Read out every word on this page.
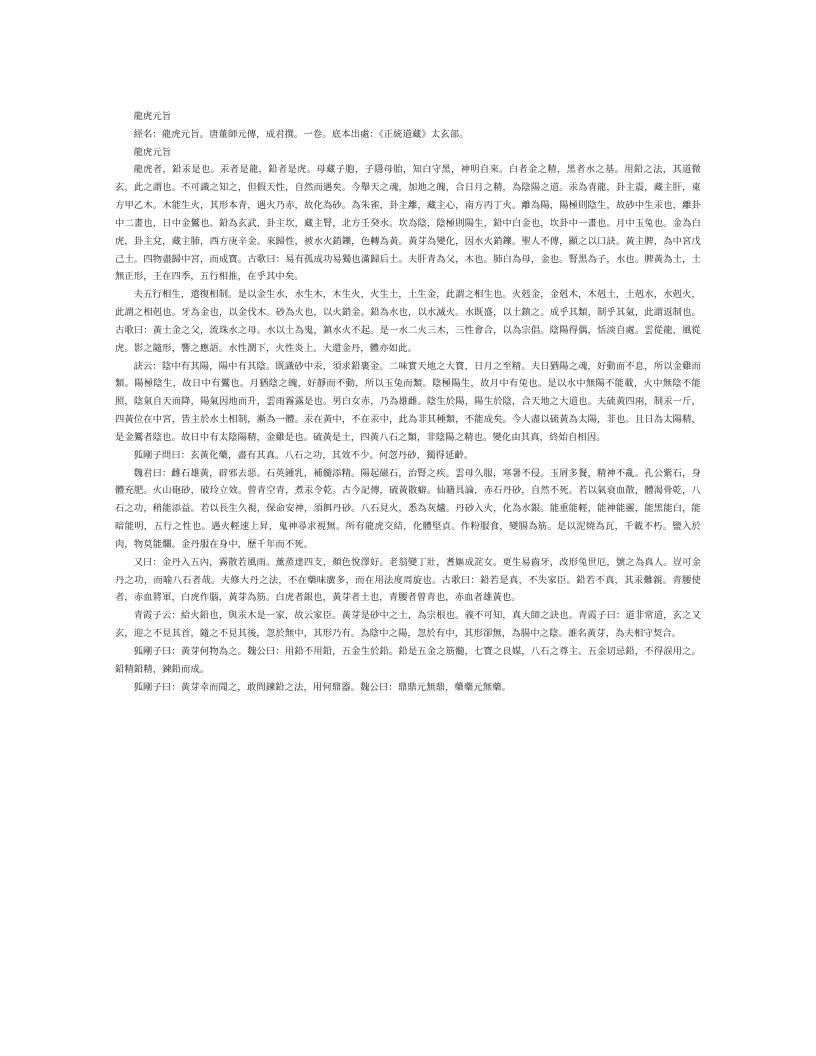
龍虎元旨
經名：龍虎元旨。唐董師元傳，成君撰。一卷。底本出處：《正統道藏》太玄部。
龍虎元旨
龍虎者，鉛汞是也。汞者是龍，鉛者是虎。母藏子胞，子隱母胎，知白守黑，神明自來。白者金之精，黑者水之基。用鉛之法，其道微玄，此之謂也。不可識之知之，但假天性，自然而遇矣。今舉天之魂，加地之魄，合日月之精，為陰陽之道。汞為青龍，卦主震，藏主肝，東方甲乙木。木能生火，其形本青，遇火乃赤，故化為砂。為朱雀，卦主離，藏主心，南方丙丁火。離為陽，陽極則陰生，故砂中生汞也，離卦中二畫也，日中金鸑也。鉛為玄武，卦主坎，藏主腎，北方壬癸水。坎為陰，陰極則陽生，鉛中白金也，坎卦中一畫也。月中玉兔也。金為白虎，卦主兌，藏主肺，西方庚辛金。來歸性，被水火銷鑠，色轉為黃。黃芽為變化，因水火銷鑠。聖人不傳，顯之以口訣。黃主脾，為中宮戊己土。四物盡歸中宮，而成寶。古歌曰：易有孤成功易獨也滿歸后土。夫肝青為父，木也。肺白為母，金也。腎黑為子，水也。脾黃為土，土無正形，王在四季，五行相推，在乎其中矣。
夫五行相生，還復相制。是以金生水，水生木，木生火，火生土，土生金，此謂之相生也。火剋金，金剋木，木剋土，土剋水，水剋火，此謂之相剋也。牙為金也，以金伐木。砂為火也，以火銷金。鉛為水也，以水滅火。水既盛，以土鎮之。成乎其類，制乎其氣，此謂返制也。古歌曰：黃土金之父，流珠水之母。水以土為鬼，鎮水火不起。是一水二火三木，三性會合，以為宗倡。陰陽得偶，恬淡自處。雲從龍，風從虎。影之隨形，響之應語。水性潤下，火性炎上。大還金丹，體亦如此。
訣云：陰中有其陽，陽中有其陰。既識砂中汞，須求鉛裹金。二味實天地之大寶，日月之至精。夫日猶陽之魂，好動而不息，所以金雞而類。陽極陰生，故日中有鸑也。月猶陰之魄，好靜而不動，所以玉兔而類。陰極陽生，故月中有兔也。是以水中無陽不能載，火中無陰不能照，陰氣自天而降，陽氣因地而升，雲雨霧露是也。男白女赤，乃為雄雌。陰生於陽，陽生於陰，合天地之大道也。夫硫黃四兩，制汞一斤，四黃位在中宮，皆主於水土相制，漸為一體。汞在黃中，不在汞中，此為非其種類，不能成矣。今人盡以硫黃為太陽，非也。且日為太陽精，是金鸑者陰也。故日中有太陰陽精，金雞是也。硫黃是土，四黃八石之類，非陰陽之精也。變化由其真，終始自相因。
狐剛子問曰：玄黃化藥，盡有其真。八石之功，其效不少。何忽丹砂，獨得延齡。
魏君曰：雌石雄黃，辟邪去惡。石英鍾乳，補髓添精。陽起磁石，治腎之疾。雲母久服，寒暑不侵。玉屑多餐，精神不亂。孔公紫石，身體充肥。火山砲砂，破玲立效。曾青空青，煮汞令乾。古今記傳，硫黃散癖。仙籍具論，赤石丹砂，自然不死。若以氣衰血散，體渴骨乾，八石之功，稍能添益。若以長生久視，保命安神，須餌丹砂。八石見火，悉為灰爐。丹砂入火，化為水銀。能重能輕，能神能靈，能黑能白，能暗能明，五行之性也。遇火輕速上昇，鬼神尋求視無。所有龍虎交結，化體堅貞。作粉服食，變腸為筋。是以泥燒為瓦，千載不朽。盬入於肉，物莫能爛。金丹服在身中，歷千年而不死。
又曰：金丹入五內，霧散若風雨。薰蒸達四支，顏色悅澤好。老翁變丁壯，耆嫗成詫女。更生易齒牙，改形兔世厄，號之為真人。豈可金丹之功，而喻八石者哉。夫修大丹之法，不在藥味廣多，而在用法度周旋也。古歌曰：鉛若是真，不失家臣。鉛若不真，其汞難親。青腰使者，赤血將軍，白虎作腦，黃芽為筋。白虎者銀也，黃芽者土也，青腰者曾青也，赤血者雄黃也。
青霞子云：給火鉛也，與汞木是一家，故云家臣。黃芽是砂中之土，為宗根也。義不可知，真大師之訣也。青霞子曰：道非常道，玄之又玄，迎之不見其首，隨之不見其後，忽於無中，其形乃有。為陰中之陽，忽於有中，其形卻無，為腸中之陰。誰名黃芽，為夫相守契合。
狐剛子曰：黃芽何物為之。魏公曰：用鉛不用鉛，五金生於鉛。鉛是五金之筋髓，七寶之良媒，八石之尊主。五金切忌鉛，不得誤用之。鉛精鉛精，鍊鉛而成。
狐剛子曰：黃芽幸而聞之，敢問鍊鉛之法，用何鼎器。魏公曰：鼎鼎元無鼎，藥藥元無藥。
